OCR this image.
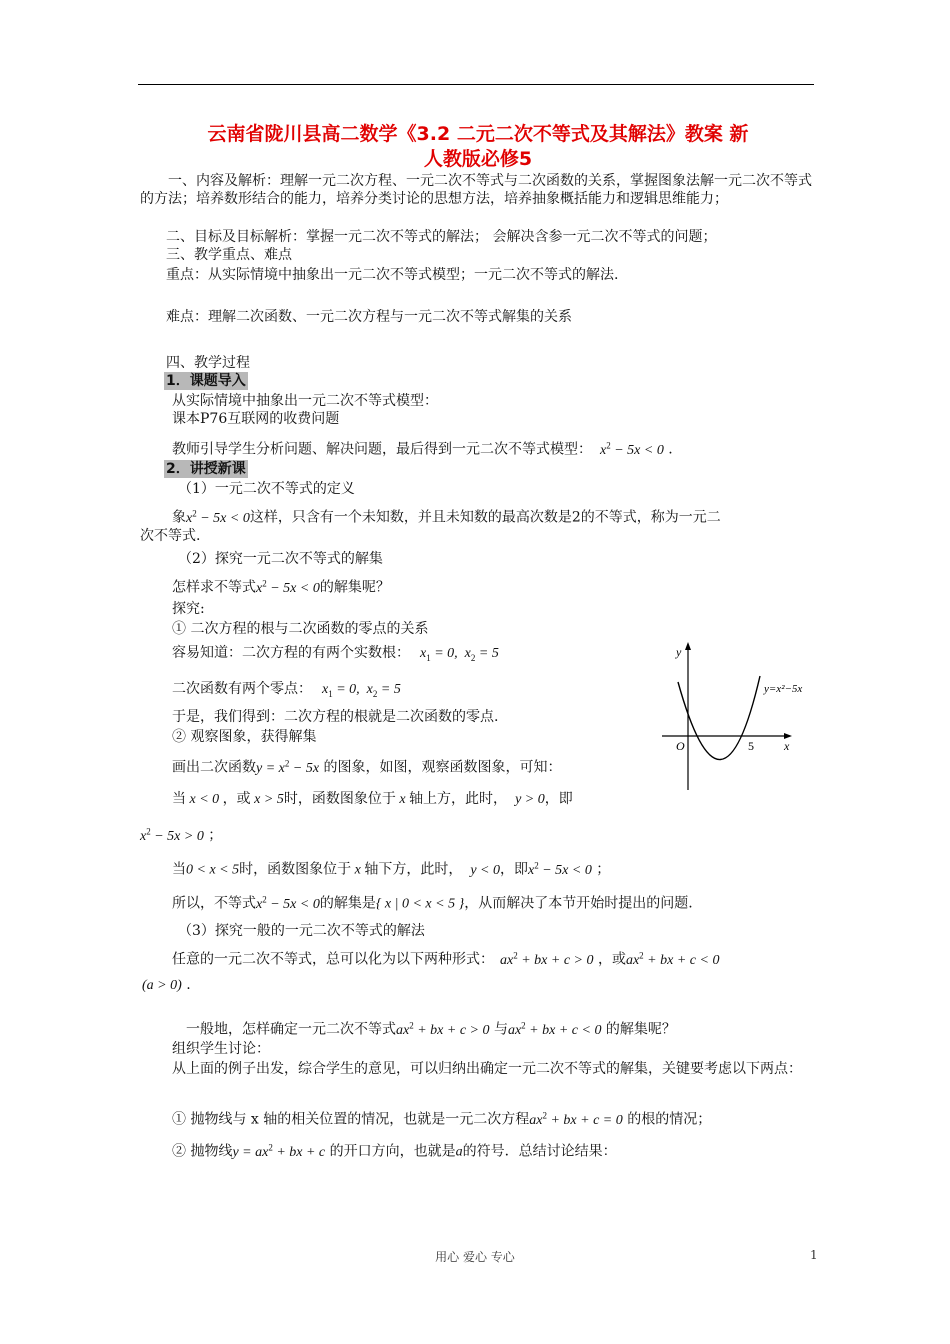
云南省陇川县高二数学《3.2 二元二次不等式及其解法》教案 新
人教版必修5
一、内容及解析：理解一元二次方程、一元二次不等式与二次函数的关系，掌握图象法解一元二次不等式的方法；培养数形结合的能力，培养分类讨论的思想方法，培养抽象概括能力和逻辑思维能力；
二、目标及目标解析：掌握一元二次不等式的解法； 会解决含参一元二次不等式的问题；
三、教学重点、难点
重点：从实际情境中抽象出一元二次不等式模型；一元二次不等式的解法.
难点：理解二次函数、一元二次方程与一元二次不等式解集的关系
四、教学过程
1．课题导入
从实际情境中抽象出一元二次不等式模型：
课本P76互联网的收费问题
教师引导学生分析问题、解决问题，最后得到一元二次不等式模型： $x^2 - 5x < 0$ .
2．讲授新课
（1）一元二次不等式的定义
象$x^2 - 5x < 0$这样，只含有一个未知数，并且未知数的最高次数是2的不等式，称为一元二
次不等式.
（2）探究一元二次不等式的解集
怎样求不等式$x^2 - 5x < 0$的解集呢？
探究:
① 二次方程的根与二次函数的零点的关系
容易知道：二次方程的有两个实数根： $x_1 = 0$,  $x_2 = 5$
二次函数有两个零点： $x_1 = 0$,  $x_2 = 5$
于是，我们得到：二次方程的根就是二次函数的零点.
② 观察图象，获得解集
画出二次函数$y = x^2 - 5x$ 的图象，如图，观察函数图象，可知：
当 x < 0 ，或 x > 5时，函数图象位于 x 轴上方，此时， y > 0，即
$x^2 - 5x > 0$ ；
当0 < x < 5时，函数图象位于 x 轴下方，此时， y < 0，即$x^2 - 5x < 0$ ；
所以，不等式$x^2 - 5x < 0$的解集是{ x | 0 < x < 5 }，从而解决了本节开始时提出的问题.
（3）探究一般的一元二次不等式的解法
任意的一元二次不等式，总可以化为以下两种形式： $ax^2$ + bx + c > 0 ，或$ax^2$ + bx + c < 0
(a > 0) .
一般地，怎样确定一元二次不等式$ax^2$ + bx + c > 0 与$ax^2$ + bx + c < 0 的解集呢？
组织学生讨论：
从上面的例子出发，综合学生的意见，可以归纳出确定一元二次不等式的解集，关键要考虑以下两点：
① 抛物线与 x 轴的相关位置的情况，也就是一元二次方程$ax^2$ + bx + c = 0 的根的情况；
② 抛物线$y = ax^2$ + bx + c 的开口方向，也就是a的符号．总结讨论结果：
y
x
O	5
y=x²−5x
用心 爱心 专心	1
